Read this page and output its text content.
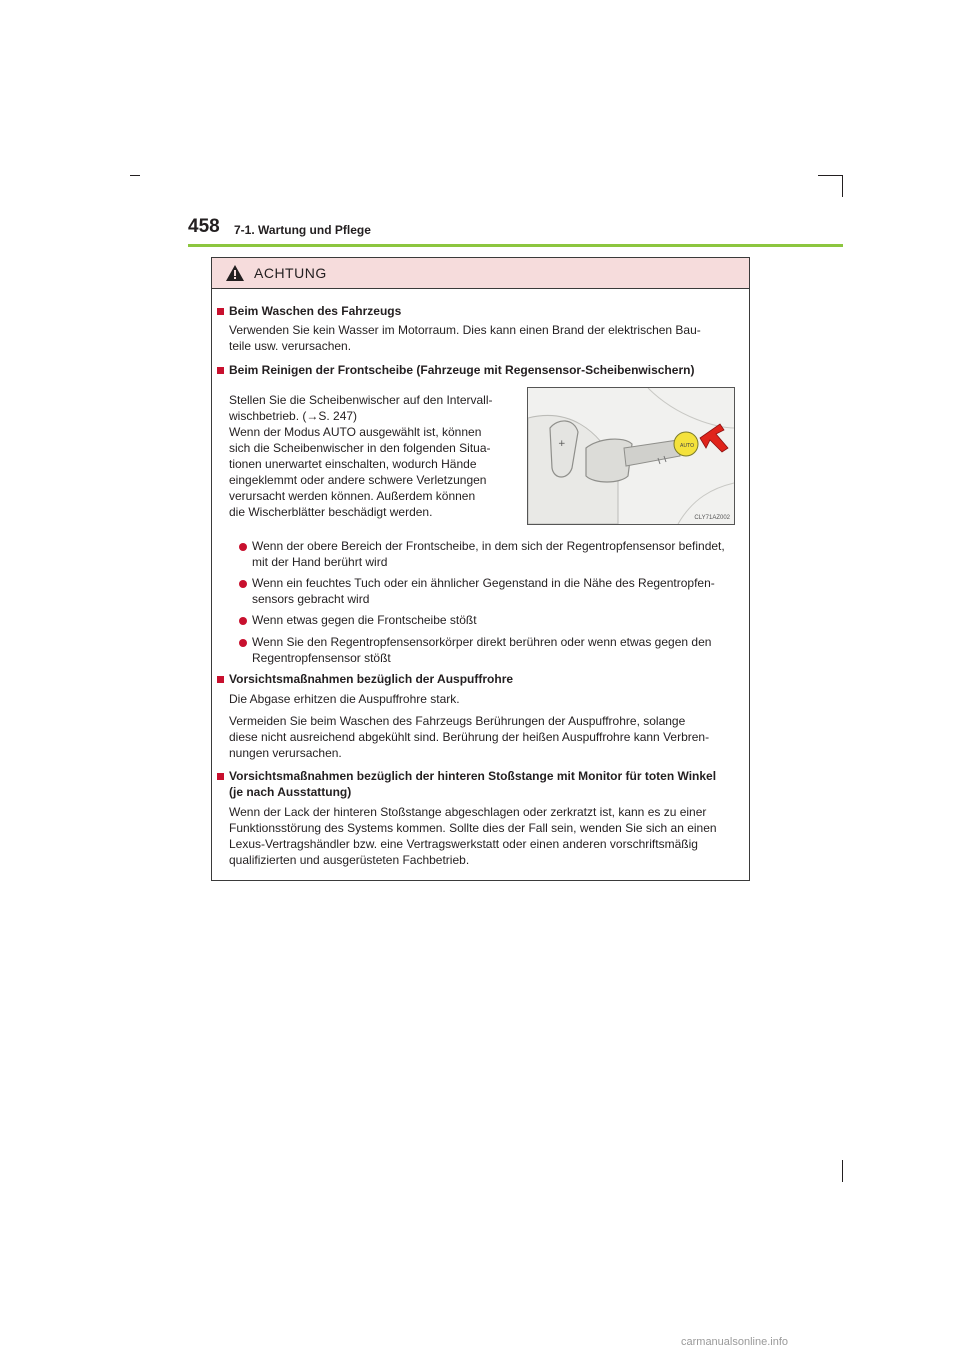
458 7-1. Wartung und Pflege
ACHTUNG
Beim Waschen des Fahrzeugs
Verwenden Sie kein Wasser im Motorraum. Dies kann einen Brand der elektrischen Bau-
teile usw. verursachen.
Beim Reinigen der Frontscheibe (Fahrzeuge mit Regensensor-Scheibenwischern)
Stellen Sie die Scheibenwischer auf den Intervall-
wischbetrieb. (→S. 247)
Wenn der Modus AUTO ausgewählt ist, können
sich die Scheibenwischer in den folgenden Situa-
tionen unerwartet einschalten, wodurch Hände
eingeklemmt oder andere schwere Verletzungen
verursacht werden können. Außerdem können
die Wischerblätter beschädigt werden.
Wenn der obere Bereich der Frontscheibe, in dem sich der Regentropfensensor befindet,
mit der Hand berührt wird
Wenn ein feuchtes Tuch oder ein ähnlicher Gegenstand in die Nähe des Regentropfen-
sensors gebracht wird
Wenn etwas gegen die Frontscheibe stößt
Wenn Sie den Regentropfensensorkörper direkt berühren oder wenn etwas gegen den
Regentropfensensor stößt
Vorsichtsmaßnahmen bezüglich der Auspuffrohre
Die Abgase erhitzen die Auspuffrohre stark.
Vermeiden Sie beim Waschen des Fahrzeugs Berührungen der Auspuffrohre, solange
diese nicht ausreichend abgekühlt sind. Berührung der heißen Auspuffrohre kann Verbren-
nungen verursachen.
Vorsichtsmaßnahmen bezüglich der hinteren Stoßstange mit Monitor für toten Winkel
(je nach Ausstattung)
Wenn der Lack der hinteren Stoßstange abgeschlagen oder zerkratzt ist, kann es zu einer
Funktionsstörung des Systems kommen. Sollte dies der Fall sein, wenden Sie sich an einen
Lexus-Vertragshändler bzw. eine Vertragswerkstatt oder einen anderen vorschriftsmäßig
qualifizierten und ausgerüsteten Fachbetrieb.
+	AUTO
CLY71AZ002
carmanualsonline.info
